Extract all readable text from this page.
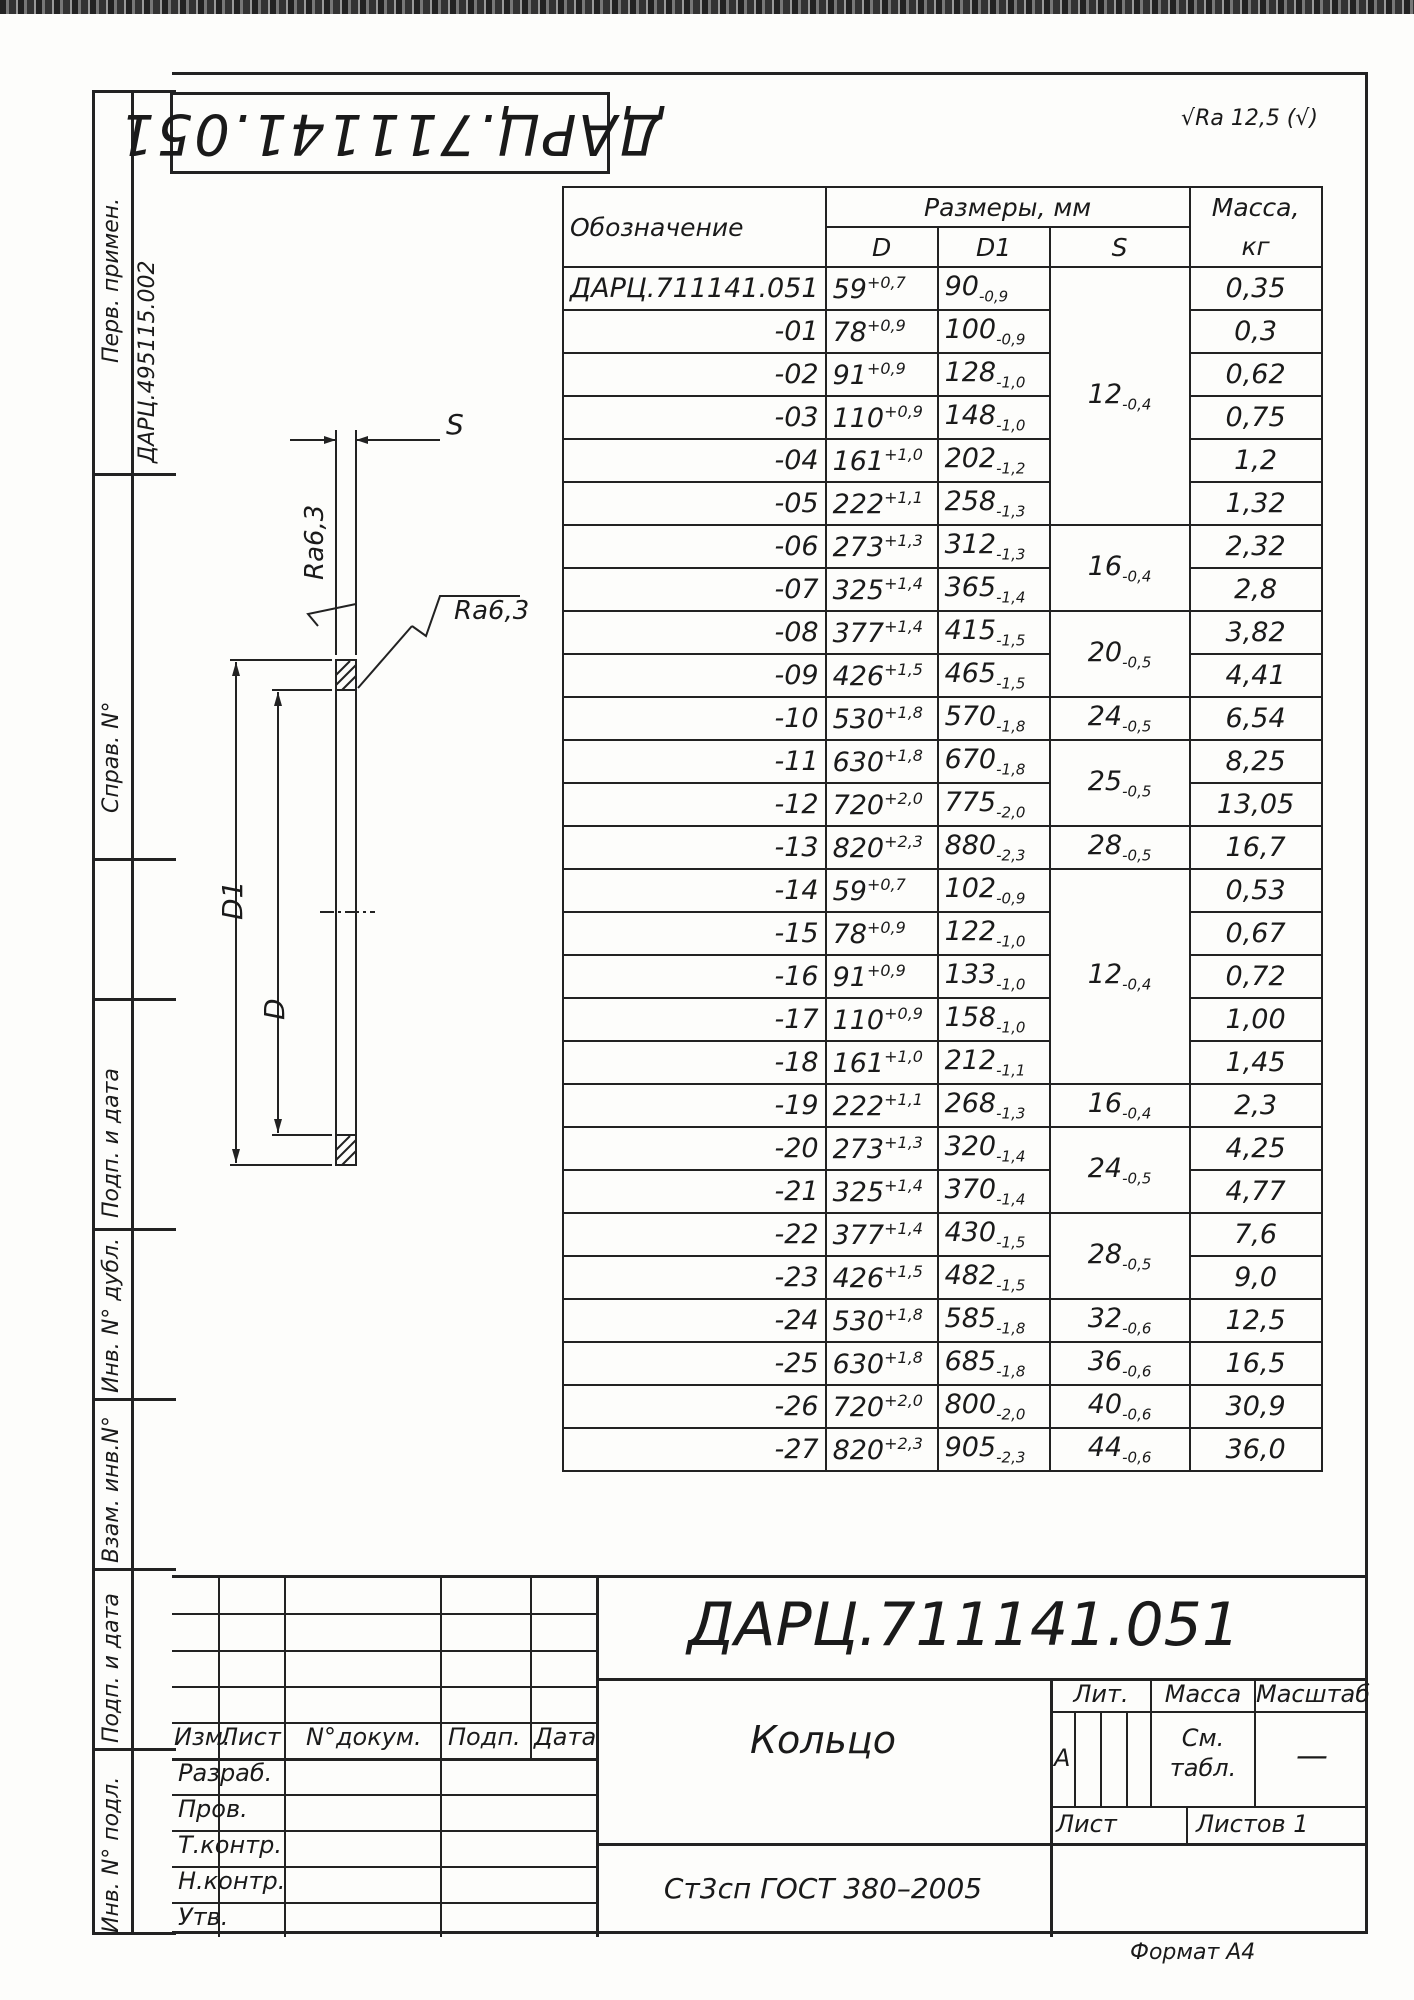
Перв. примен. ДАРЦ.495115.002
Справ. N°
Подп. и дата
Инв. N° дубл.
Взам. инв.N°
Подп. и дата
Инв. N° подл.
ДАРЦ.711141.051	√Ra 12,5 (√)
S
Ra6,3
Ra6,3
D1
D
Обозначение	Размеры, мм			Масса,
	D	D1	S	кг
ДАРЦ.711141.051	$59^{+0,7}$	$90_{-0,9}$	$12_{-0,4}$	0,35
-01	$78^{+0,9}$	$100_{-0,9}$		0,3
-02	$91^{+0,9}$	$128_{-1,0}$		0,62
-03	$110^{+0,9}$	$148_{-1,0}$		0,75
-04	$161^{+1,0}$	$202_{-1,2}$		1,2
-05	$222^{+1,1}$	$258_{-1,3}$		1,32
-06	$273^{+1,3}$	$312_{-1,3}$	$16_{-0,4}$	2,32
-07	$325^{+1,4}$	$365_{-1,4}$		2,8
-08	$377^{+1,4}$	$415_{-1,5}$	$20_{-0,5}$	3,82
-09	$426^{+1,5}$	$465_{-1,5}$		4,41
-10	$530^{+1,8}$	$570_{-1,8}$	$24_{-0,5}$	6,54
-11	$630^{+1,8}$	$670_{-1,8}$	$25_{-0,5}$	8,25
-12	$720^{+2,0}$	$775_{-2,0}$		13,05
-13	$820^{+2,3}$	$880_{-2,3}$	$28_{-0,5}$	16,7
-14	$59^{+0,7}$	$102_{-0,9}$	$12_{-0,4}$	0,53
-15	$78^{+0,9}$	$122_{-1,0}$		0,67
-16	$91^{+0,9}$	$133_{-1,0}$		0,72
-17	$110^{+0,9}$	$158_{-1,0}$		1,00
-18	$161^{+1,0}$	$212_{-1,1}$		1,45
-19	$222^{+1,1}$	$268_{-1,3}$	$16_{-0,4}$	2,3
-20	$273^{+1,3}$	$320_{-1,4}$	$24_{-0,5}$	4,25
-21	$325^{+1,4}$	$370_{-1,4}$		4,77
-22	$377^{+1,4}$	$430_{-1,5}$	$28_{-0,5}$	7,6
-23	$426^{+1,5}$	$482_{-1,5}$		9,0
-24	$530^{+1,8}$	$585_{-1,8}$	$32_{-0,6}$	12,5
-25	$630^{+1,8}$	$685_{-1,8}$	$36_{-0,6}$	16,5
-26	$720^{+2,0}$	$800_{-2,0}$	$40_{-0,6}$	30,9
-27	$820^{+2,3}$	$905_{-2,3}$	$44_{-0,6}$	36,0
Изм.
Лист N°докум. Подп. Дата
Разраб.
Пров.
Т.контр.
Н.контр.
Утв.
ДАРЦ.711141.051
Кольцо
Ст3сп ГОСТ 380–2005
Лит.	Масса Масштаб
А
См.
табл.	—
Лист	Листов 1
Формат А4
